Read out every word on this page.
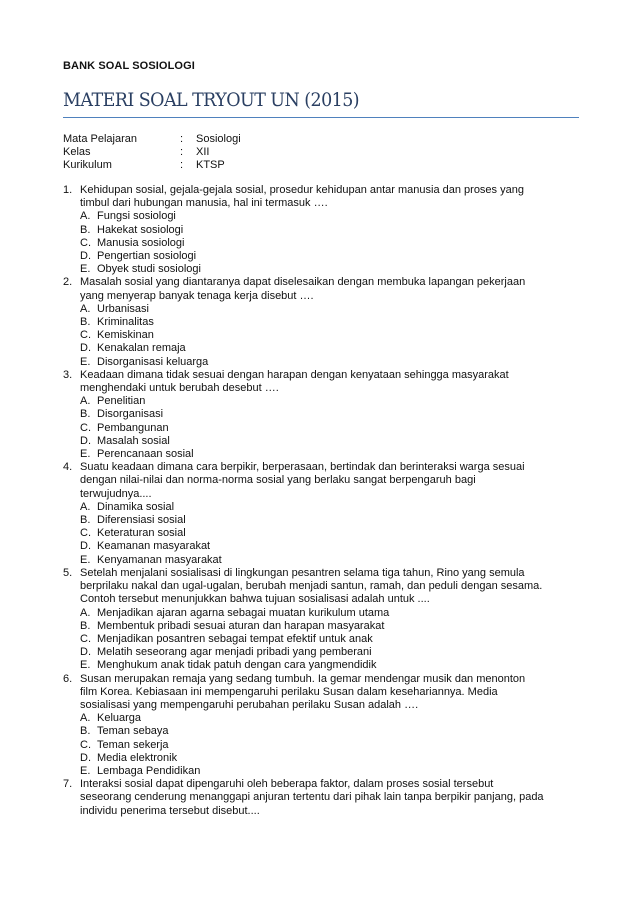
BANK SOAL SOSIOLOGI
MATERI SOAL TRYOUT UN (2015)
Mata Pelajaran	:	Sosiologi
Kelas	:	XII
Kurikulum	:	KTSP
1. Kehidupan sosial, gejala-gejala sosial, prosedur kehidupan antar manusia dan proses yang
timbul dari hubungan manusia, hal ini termasuk ….
A. Fungsi sosiologi
B. Hakekat sosiologi
C. Manusia sosiologi
D. Pengertian sosiologi
E. Obyek studi sosiologi
2. Masalah sosial yang diantaranya dapat diselesaikan dengan membuka lapangan pekerjaan
yang menyerap banyak tenaga kerja disebut ….
A. Urbanisasi
B. Kriminalitas
C. Kemiskinan
D. Kenakalan remaja
E. Disorganisasi keluarga
3. Keadaan dimana tidak sesuai dengan harapan dengan kenyataan sehingga masyarakat
menghendaki untuk berubah desebut ….
A. Penelitian
B. Disorganisasi
C. Pembangunan
D. Masalah sosial
E. Perencanaan sosial
4. Suatu keadaan dimana cara berpikir, berperasaan, bertindak dan berinteraksi warga sesuai
dengan nilai-nilai dan norma-norma sosial yang berlaku sangat berpengaruh bagi
terwujudnya....
A. Dinamika sosial
B. Diferensiasi sosial
C. Keteraturan sosial
D. Keamanan masyarakat
E. Kenyamanan masyarakat
5. Setelah menjalani sosialisasi di lingkungan pesantren selama tiga tahun, Rino yang semula
berprilaku nakal dan ugal-ugalan, berubah menjadi santun, ramah, dan peduli dengan sesama.
Contoh tersebut menunjukkan bahwa tujuan sosialisasi adalah untuk ....
A. Menjadikan ajaran agarna sebagai muatan kurikulum utama
B. Membentuk pribadi sesuai aturan dan harapan masyarakat
C. Menjadikan posantren sebagai tempat efektif untuk anak
D. Melatih seseorang agar menjadi pribadi yang pemberani
E. Menghukum anak tidak patuh dengan cara yangmendidik
6. Susan merupakan remaja yang sedang tumbuh. Ia gemar mendengar musik dan menonton
film Korea. Kebiasaan ini mempengaruhi perilaku Susan dalam kesehariannya. Media
sosialisasi yang mempengaruhi perubahan perilaku Susan adalah ….
A. Keluarga
B. Teman sebaya
C. Teman sekerja
D. Media elektronik
E. Lembaga Pendidikan
7. Interaksi sosial dapat dipengaruhi oleh beberapa faktor, dalam proses sosial tersebut
seseorang cenderung menanggapi anjuran tertentu dari pihak lain tanpa berpikir panjang, pada
individu penerima tersebut disebut....
